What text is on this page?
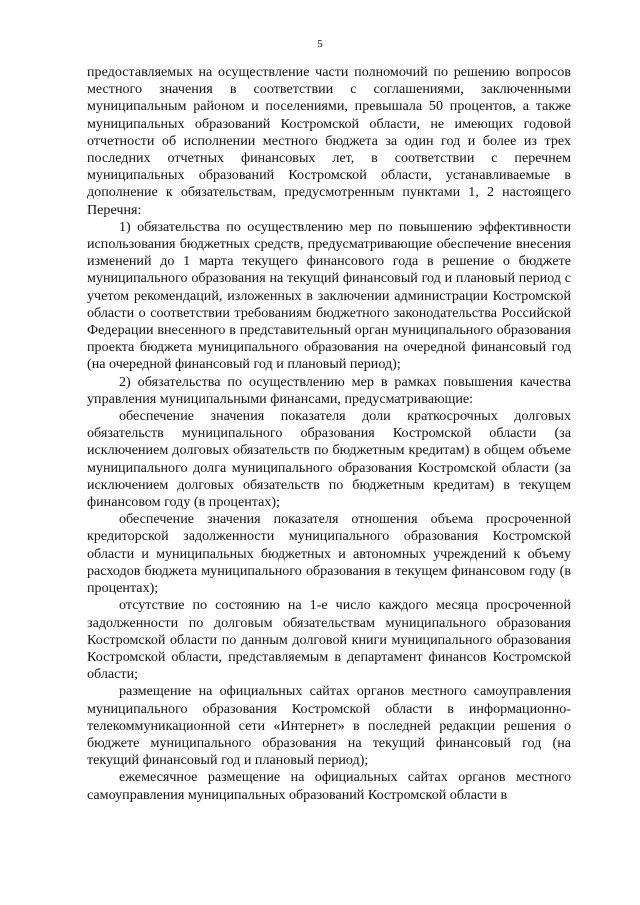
5

предоставляемых на осуществление части полномочий по решению вопросов местного значения в соответствии с соглашениями, заключенными муниципальным районом и поселениями, превышала 50 процентов, а также муниципальных образований Костромской области, не имеющих годовой отчетности об исполнении местного бюджета за один год и более из трех последних отчетных финансовых лет, в соответствии с перечнем муниципальных образований Костромской области, устанавливаемые в дополнение к обязательствам, предусмотренным пунктами 1, 2 настоящего Перечня:

1) обязательства по осуществлению мер по повышению эффективности использования бюджетных средств, предусматривающие обеспечение внесения изменений до 1 марта текущего финансового года в решение о бюджете муниципального образования на текущий финансовый год и плановый период с учетом рекомендаций, изложенных в заключении администрации Костромской области о соответствии требованиям бюджетного законодательства Российской Федерации внесенного в представительный орган муниципального образования проекта бюджета муниципального образования на очередной финансовый год (на очередной финансовый год и плановый период);

2) обязательства по осуществлению мер в рамках повышения качества управления муниципальными финансами, предусматривающие:

обеспечение значения показателя доли краткосрочных долговых обязательств муниципального образования Костромской области (за исключением долговых обязательств по бюджетным кредитам) в общем объеме муниципального долга муниципального образования Костромской области (за исключением долговых обязательств по бюджетным кредитам) в текущем финансовом году (в процентах);

обеспечение значения показателя отношения объема просроченной кредиторской задолженности муниципального образования Костромской области и муниципальных бюджетных и автономных учреждений к объему расходов бюджета муниципального образования в текущем финансовом году (в процентах);

отсутствие по состоянию на 1-е число каждого месяца просроченной задолженности по долговым обязательствам муниципального образования Костромской области по данным долговой книги муниципального образования Костромской области, представляемым в департамент финансов Костромской области;

размещение на официальных сайтах органов местного самоуправления муниципального образования Костромской области в информационно-телекоммуникационной сети «Интернет» в последней редакции решения о бюджете муниципального образования на текущий финансовый год (на текущий финансовый год и плановый период);

ежемесячное размещение на официальных сайтах органов местного самоуправления муниципальных образований Костромской области в
